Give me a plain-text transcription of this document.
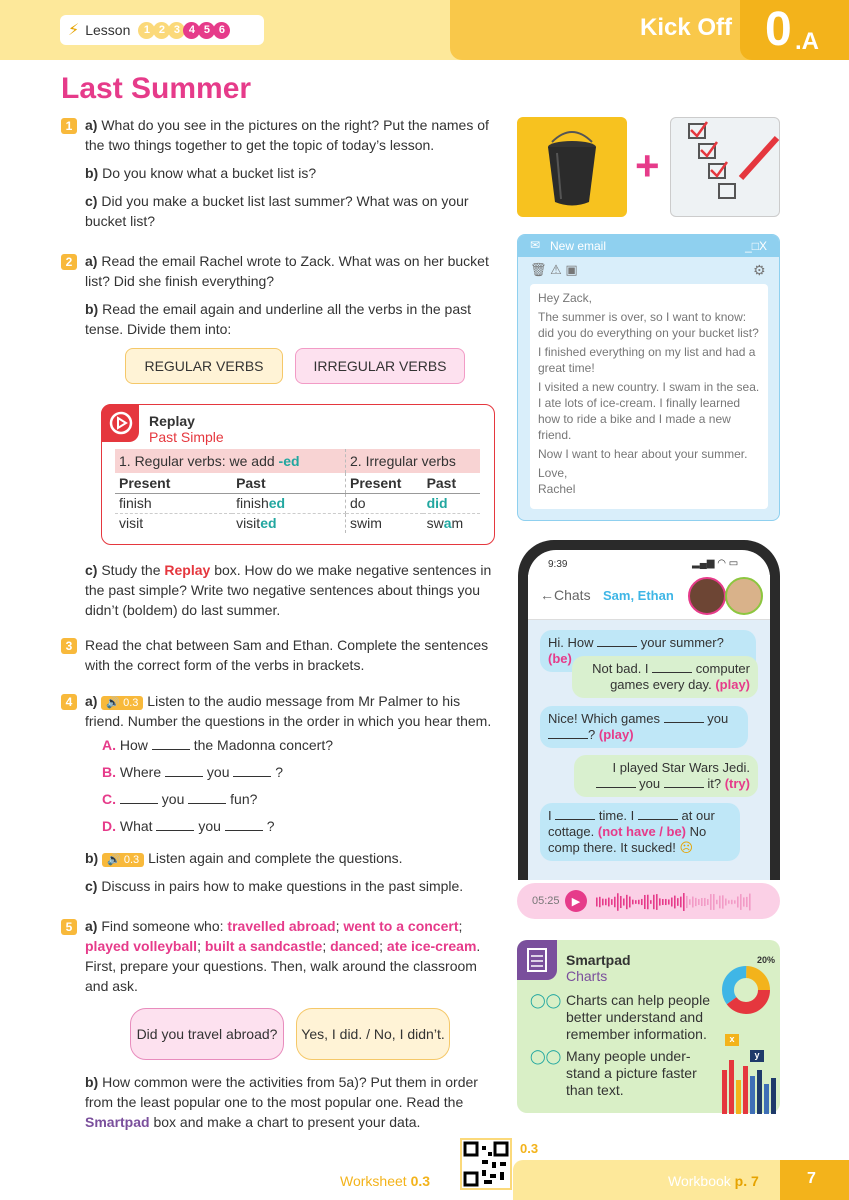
⚡ Lesson	1 2 3 4 5 6	Kick Off 0 .A
Last Summer
1 a) What do you see in the pictures on the right? Put the names of the two things together to get the topic of today’s lesson.
b) Do you know what a bucket list is?
c) Did you make a bucket list last summer? What was on your bucket list?
2 a) Read the email Rachel wrote to Zack. What was on her bucket list? Did she finish everything?
b) Read the email again and underline all the verbs in the past tense. Divide them into:
REGULAR VERBS	IRREGULAR VERBS
Replay
Past Simple
1. Regular verbs: we add -ed		2. Irregular verbs	
Present	Past	Present	Past
finish	finished	do	did
visit	visited	swim	swam
c) Study the Replay box. How do we make negative sentences in the past simple? Write two negative sentences about things you didn’t (boldem) do last summer.
3 Read the chat between Sam and Ethan. Complete the sentences with the correct form of the verbs in brackets.
4 a) 🔊 0.3 Listen to the audio message from Mr Palmer to his friend. Number the questions in the order in which you hear them.
A. How	the Madonna concert?
B. Where	you	?
C.	you	fun?
D. What	you	?
b) 🔊 0.3 Listen again and complete the questions.
c) Discuss in pairs how to make questions in the past simple.
5 a) Find someone who: travelled abroad; went to a concert; played volleyball; built a sandcastle; danced; ate ice-cream. First, prepare your questions. Then, walk around the classroom and ask.
Did you travel abroad?	Yes, I did. / No, I didn’t.
b) How common were the activities from 5a)? Put them in order from the least popular one to the most popular one. Read the Smartpad box and make a chart to present your data.
+
✉ New email	_□X
🗑 ⚠ ▣	⚙

Hey Zack,

The summer is over, so I want to know: did you do everything on your bucket list?

I finished everything on my list and had a great time!

I visited a new country. I swam in the sea. I ate lots of ice-cream. I finally learned how to ride a bike and I made a new friend.

Now I want to hear about your summer.

Love,

Rachel

9:39	▂▄▆ ◠ ▭
←Chats Sam, Ethan
Hi. How	your summer? (be)
Not bad. I	computer games every day. (play)
Nice! Which games	you ? (play)
I played Star Wars Jedi.  you	it? (try)
I	time. I	at our cottage. (not have / be) No comp there. It sucked! ☹
05:25 ▶
Smartpad
Charts
◯◯ Charts can help people better understand and remember information.
◯◯ Many people under-stand a picture faster than text.
20%
x
y
Worksheet 0.3	Workbook p. 7	7
0.3
